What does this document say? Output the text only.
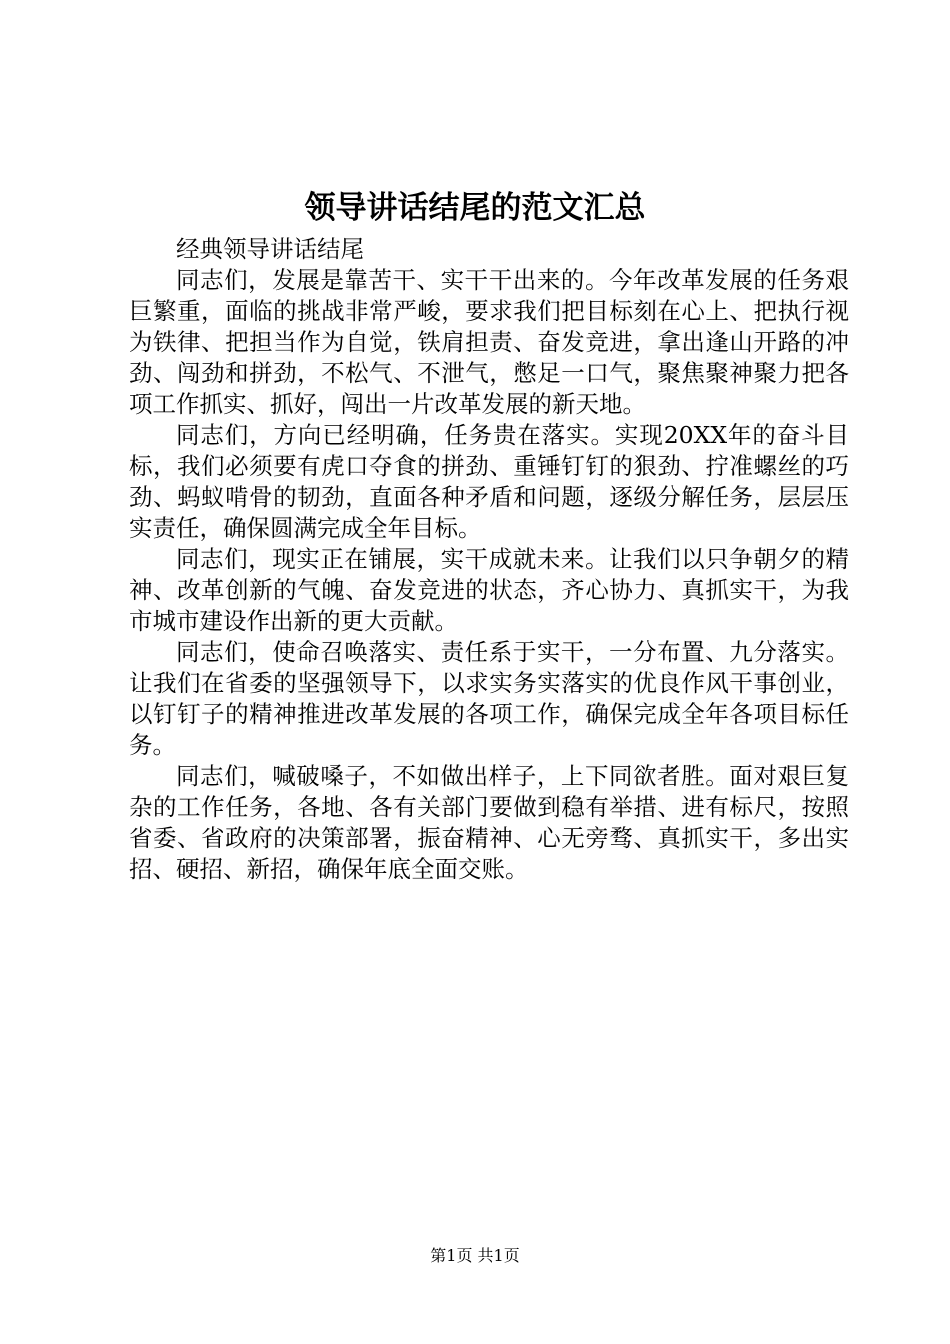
领导讲话结尾的范文汇总

经典领导讲话结尾

同志们，发展是靠苦干、实干干出来的。今年改革发展的任务艰巨繁重，面临的挑战非常严峻，要求我们把目标刻在心上、把执行视为铁律、把担当作为自觉，铁肩担责、奋发竞进，拿出逢山开路的冲劲、闯劲和拼劲，不松气、不泄气，憋足一口气，聚焦聚神聚力把各项工作抓实、抓好，闯出一片改革发展的新天地。

同志们，方向已经明确，任务贵在落实。实现20XX年的奋斗目标，我们必须要有虎口夺食的拼劲、重锤钉钉的狠劲、拧准螺丝的巧劲、蚂蚁啃骨的韧劲，直面各种矛盾和问题，逐级分解任务，层层压实责任，确保圆满完成全年目标。

同志们，现实正在铺展，实干成就未来。让我们以只争朝夕的精神、改革创新的气魄、奋发竞进的状态，齐心协力、真抓实干，为我市城市建设作出新的更大贡献。

同志们，使命召唤落实、责任系于实干，一分布置、九分落实。让我们在省委的坚强领导下，以求实务实落实的优良作风干事创业，以钉钉子的精神推进改革发展的各项工作，确保完成全年各项目标任务。

同志们，喊破嗓子，不如做出样子，上下同欲者胜。面对艰巨复杂的工作任务，各地、各有关部门要做到稳有举措、进有标尺，按照省委、省政府的决策部署，振奋精神、心无旁骛、真抓实干，多出实招、硬招、新招，确保年底全面交账。

第1页 共1页
